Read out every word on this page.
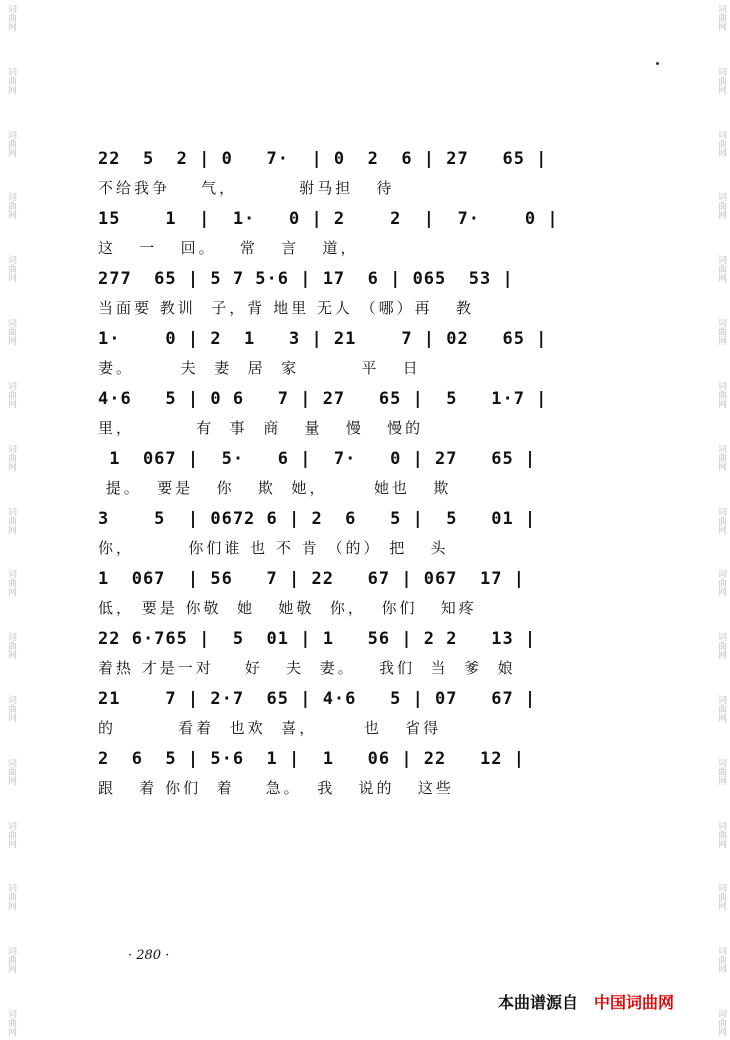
词曲网
词曲网
词曲网
词曲网
词曲网
词曲网
词曲网
词曲网
词曲网
词曲网
词曲网
词曲网
词曲网
词曲网
词曲网
词曲网
词曲网
词曲网
词曲网
词曲网
词曲网
词曲网
词曲网
词曲网
词曲网
词曲网
词曲网
词曲网
词曲网
词曲网
词曲网
词曲网
词曲网
词曲网
22  5  2 | 0   7·  | 0  2  6 | 27   65 |
不给我争    气，        驸马担   待
15    1  |  1·   0 | 2    2  |  7·    0 |
这   一   回。   常   言   道，
277  65 | 5 7 5·6 | 17  6 | 065  53 |
当面要 教训  子，背 地里 无人 （哪）再   教
1·    0 | 2  1   3 | 21    7 | 02   65 |
妻。      夫  妻  居  家        平   日
4·6   5 | 0 6   7 | 27   65 |  5   1·7 |
里，        有  事  商   量   慢   慢的
1  067 |  5·   6 |  7·   0 | 27   65 |
提。  要是   你   欺  她，      她也   欺
3    5  | 0672 6 | 2  6   5 |  5   01 |
你，       你们谁 也 不 肯 （的） 把   头
1  067  | 56   7 | 22   67 | 067  17 |
低， 要是 你敬  她   她敬  你，  你们   知疼
22 6·765 |  5  01 | 1   56 | 2 2   13 |
着热 才是一对    好   夫  妻。   我们  当  爹  娘
21    7 | 2·7  65 | 4·6   5 | 07   67 |
的        看着  也欢  喜，      也   省得
2  6  5 | 5·6  1 |  1   06 | 22   12 |
跟   着 你们  着    急。  我   说的   这些
· 280 ·
本曲谱源自 中国词曲网
